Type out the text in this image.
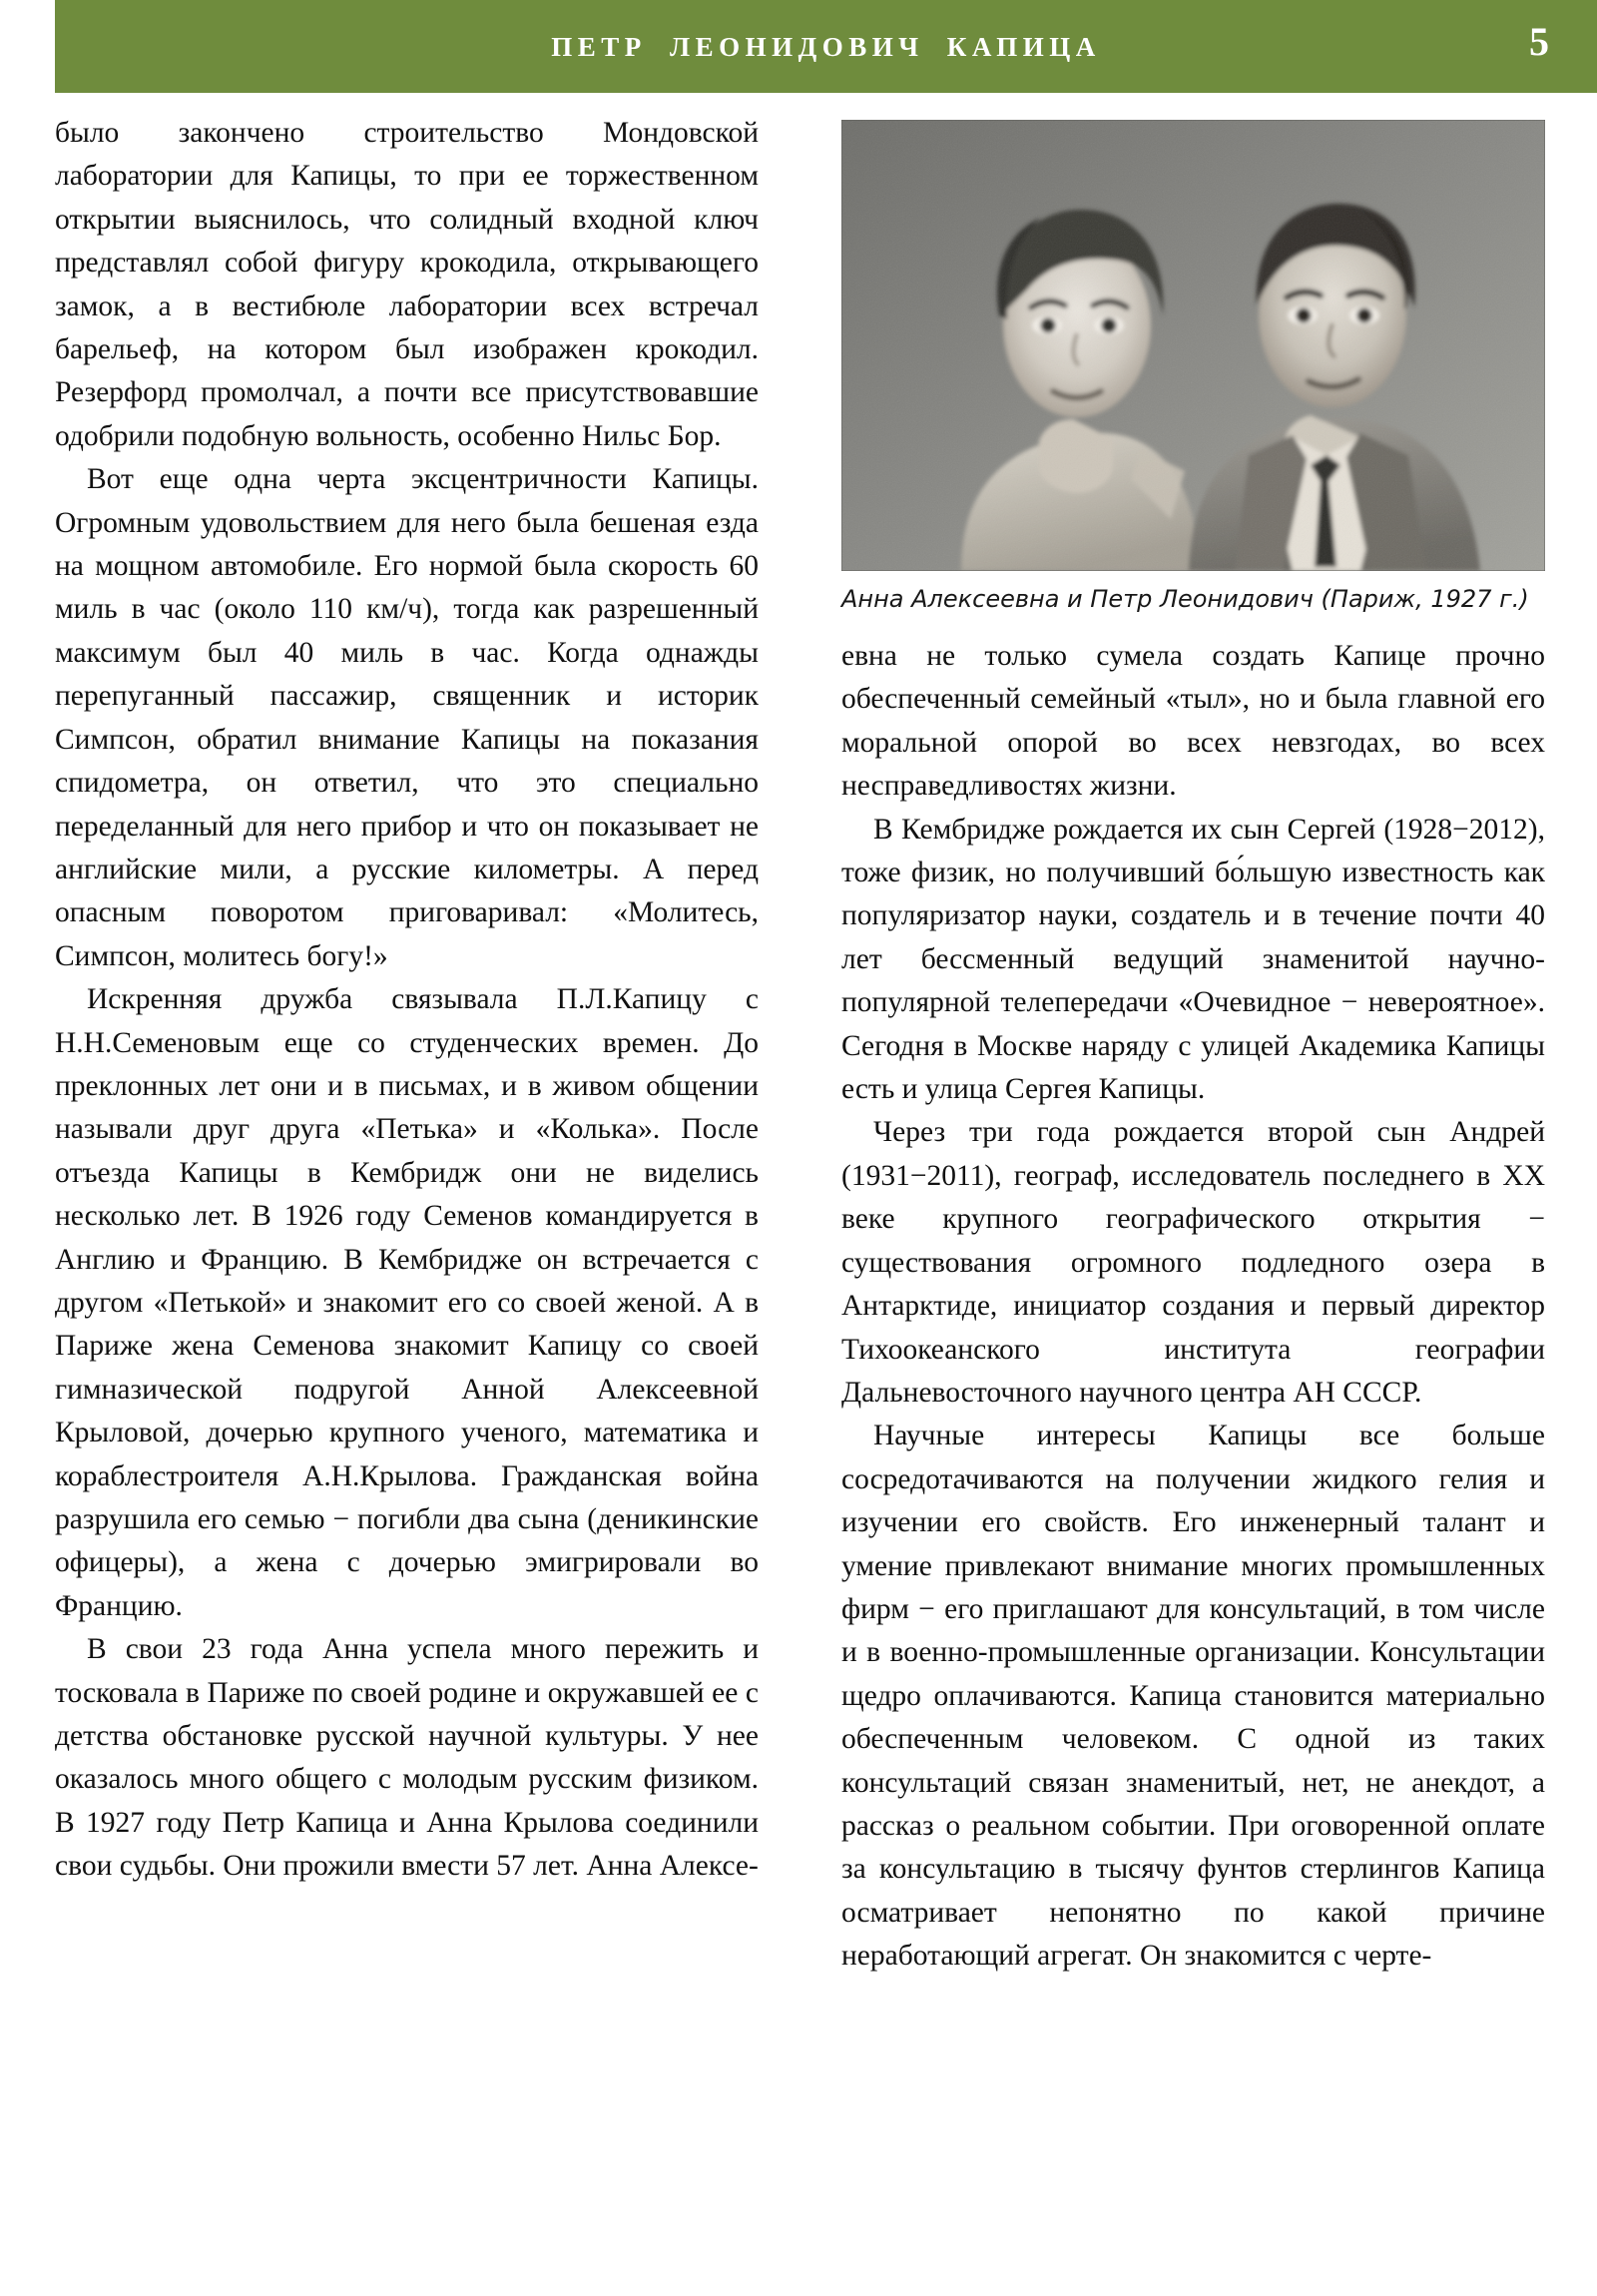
ПЕТР ЛЕОНИДОВИЧ КАПИЦА	5

было закончено строительство Мондовской лаборатории для Капицы, то при ее торжественном открытии выяснилось, что солидный входной ключ представлял собой фигуру крокодила, открывающего замок, а в вестибюле лаборатории всех встречал барельеф, на котором был изображен крокодил. Резерфорд промолчал, а почти все присутствовавшие одобрили подобную вольность, особенно Нильс Бор.

Вот еще одна черта эксцентричности Капицы. Огромным удовольствием для него была бешеная езда на мощном автомобиле. Его нормой была скорость 60 миль в час (около 110 км/ч), тогда как разрешенный максимум был 40 миль в час. Когда однажды перепуганный пассажир, священник и историк Симпсон, обратил внимание Капицы на показания спидометра, он ответил, что это специально переделанный для него прибор и что он показывает не английские мили, а русские километры. А перед опасным поворотом приговаривал: «Молитесь, Симпсон, молитесь богу!»

Искренняя дружба связывала П.Л.Капицу с Н.Н.Семеновым еще со студенческих времен. До преклонных лет они и в письмах, и в живом общении называли друг друга «Петька» и «Колька». После отъезда Капицы в Кембридж они не виделись несколько лет. В 1926 году Семенов командируется в Англию и Францию. В Кембридже он встречается с другом «Петькой» и знакомит его со своей женой. А в Париже жена Семенова знакомит Капицу со своей гимназической подругой Анной Алексеевной Крыловой, дочерью крупного ученого, математика и кораблестроителя А.Н.Крылова. Гражданская война разрушила его семью − погибли два сына (деникинские офицеры), а жена с дочерью эмигрировали во Францию.

В свои 23 года Анна успела много пережить и тосковала в Париже по своей родине и окружавшей ее с детства обстановке русской научной культуры. У нее оказалось много общего с молодым русским физиком. В 1927 году Петр Капица и Анна Крылова соединили свои судьбы. Они прожили вмести 57 лет. Анна Алексе-

Анна Алексеевна и Петр Леонидович (Париж, 1927 г.)

евна не только сумела создать Капице прочно обеспеченный семейный «тыл», но и была главной его моральной опорой во всех невзгодах, во всех несправедливостях жизни.

В Кембридже рождается их сын Сергей (1928−2012), тоже физик, но получивший бо́льшую известность как популяризатор науки, создатель и в течение почти 40 лет бессменный ведущий знаменитой научно-популярной телепередачи «Очевидное − невероятное». Сегодня в Москве наряду с улицей Академика Капицы есть и улица Сергея Капицы.

Через три года рождается второй сын Андрей (1931−2011), географ, исследователь последнего в XX веке крупного географического открытия − существования огромного подледного озера в Антарктиде, инициатор создания и первый директор Тихоокеанского института географии Дальневосточного научного центра АН СССР.

Научные интересы Капицы все больше сосредотачиваются на получении жидкого гелия и изучении его свойств. Его инженерный талант и умение привлекают внимание многих промышленных фирм − его приглашают для консультаций, в том числе и в военно-промышленные организации. Консультации щедро оплачиваются. Капица становится материально обеспеченным человеком. С одной из таких консультаций связан знаменитый, нет, не анекдот, а рассказ о реальном событии. При оговоренной оплате за консультацию в тысячу фунтов стерлингов Капица осматривает непонятно по какой причине неработающий агрегат. Он знакомится с черте-
